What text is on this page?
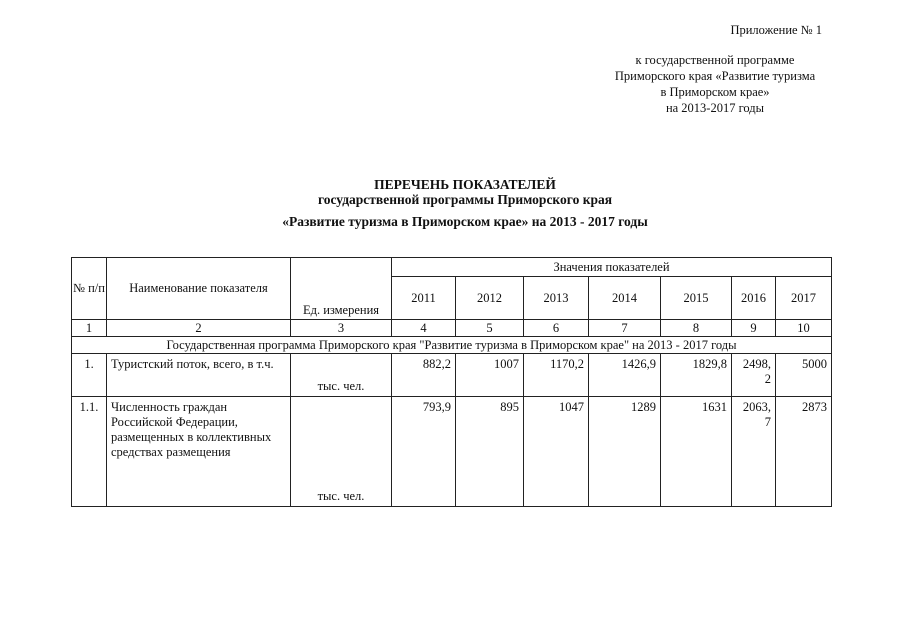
Приложение № 1
к государственной программе
Приморского края «Развитие туризма
в Приморском крае»
на 2013-2017 годы
ПЕРЕЧЕНЬ ПОКАЗАТЕЛЕЙ
государственной программы Приморского края
«Развитие туризма в Приморском крае» на 2013 - 2017 годы
№ п/п	Наименование показателя	Ед. измерения	Значения показателей						
			2011	2012	2013	2014	2015	2016	2017
1	2	3	4	5	6	7	8	9	10
Государственная программа Приморского края "Развитие туризма в Приморском крае" на 2013 - 2017 годы									
1.	Туристский поток, всего, в т.ч.	тыс. чел.	882,2	1007	1170,2	1426,9	1829,8	2498, 2	5000
1.1.	Численность граждан Российской Федерации, размещенных в коллективных средствах размещения	тыс. чел.	793,9	895	1047	1289	1631	2063, 7	2873
